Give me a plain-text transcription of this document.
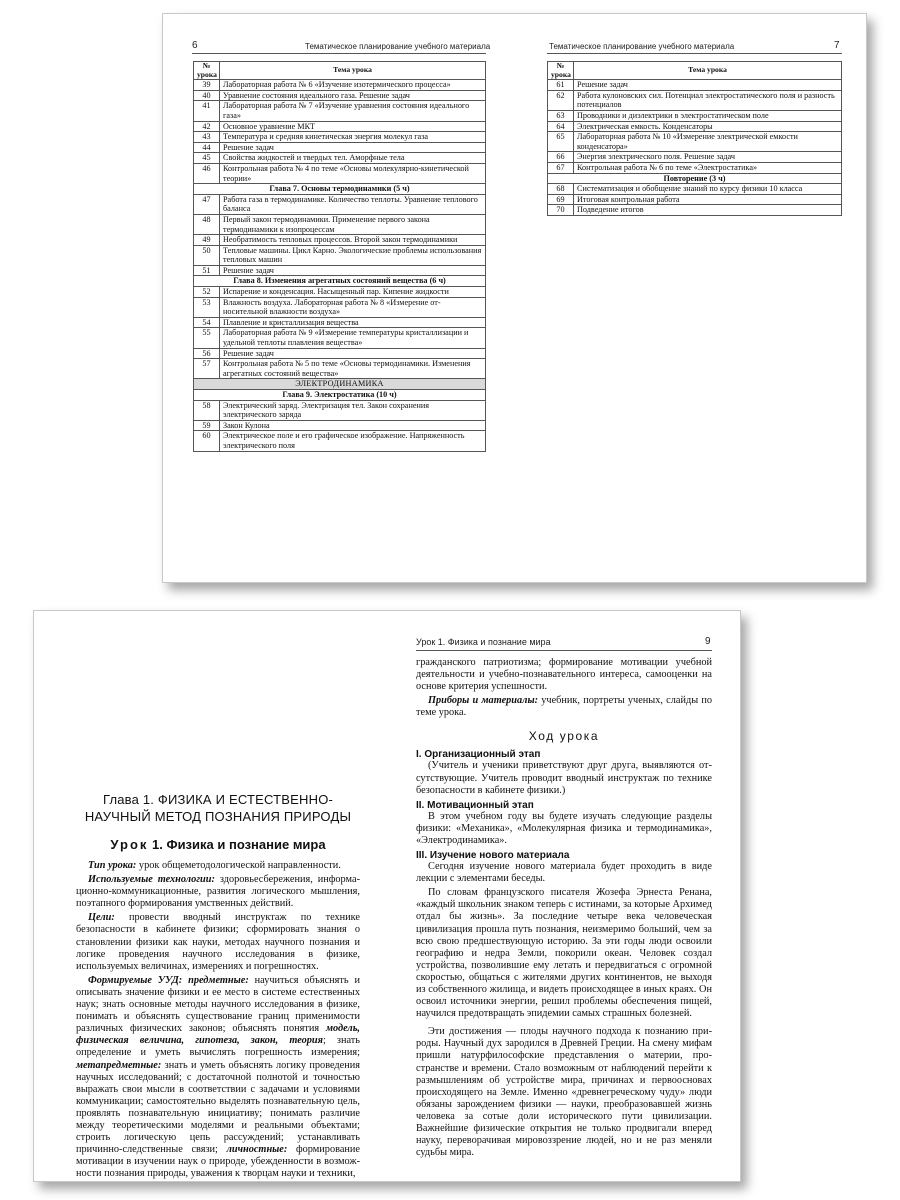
6	Тематическое планирование учебного материала	Тематическое планирование учебного материала	7
№ урока	Тема урока
39	Лабораторная работа № 6 «Изучение изотермического процесса»
40	Уравнение состояния идеального газа. Решение задач
41	Лабораторная работа № 7 «Изучение уравнения состояния идеального газа»
42	Основное уравнение МКТ
43	Температура и средняя кинетическая энергия молекул газа
44	Решение задач
45	Свойства жидкостей и твердых тел. Аморфные тела
46	Контрольная работа № 4 по теме «Основы молекулярно-кинетической теории»
Глава 7. Основы термодинамики (5 ч)	
47	Работа газа в термодинамике. Количество теплоты. Уравнение теплового баланса
48	Первый закон термодинамики. Применение первого закона термодинамики к изопроцессам
49	Необратимость тепловых процессов. Второй закон термодинамики
50	Тепловые машины. Цикл Карно. Экологические проблемы использования тепловых машин
51	Решение задач
Глава 8. Изменения агрегатных состояний вещества (6 ч)	
52	Испарение и конденсация. Насыщенный пар. Кипение жидкости
53	Влажность воздуха. Лабораторная работа № 8 «Измерение относительной влажности воздуха»
54	Плавление и кристаллизация вещества
55	Лабораторная работа № 9 «Измерение температуры кристаллизации и удельной теплоты плавления вещества»
56	Решение задач
57	Контрольная работа № 5 по теме «Основы термодинамики. Изменения агрегатных состояний вещества»
ЭЛЕКТРОДИНАМИКА	
Глава 9. Электростатика (10 ч)	
58	Электрический заряд. Электризация тел. Закон сохранения электрического заряда
59	Закон Кулона
60	Электрическое поле и его графическое изображение. Напряженность электрического поля
№ урока	Тема урока
61	Решение задач
62	Работа кулоновских сил. Потенциал электростатического поля и разность потенциалов
63	Проводники и диэлектрики в электростатическом поле
64	Электрическая емкость. Конденсаторы
65	Лабораторная работа № 10 «Измерение электрической емкости конденсатора»
66	Энергия электрического поля. Решение задач
67	Контрольная работа № 6 по теме «Электростатика»
Повторение (3 ч)	
68	Систематизация и обобщение знаний по курсу физики 10 класса
69	Итоговая контрольная работа
70	Подведение итогов
Глава 1. ФИЗИКА И ЕСТЕСТВЕННО-
НАУЧНЫЙ МЕТОД ПОЗНАНИЯ ПРИРОДЫ
Урок 1. Физика и познание мира

Тип урока: урок общеметодологической направленности.

Используемые технологии: здоровьесбережения, информационно-коммуникационные, развития логического мышления, поэтапного формирования умственных действий.

Цели: провести вводный инструктаж по технике безопасности в кабинете физики; сформировать знания о становлении физики как науки, методах научного познания и логике проведения научного исследования в физике, используемых величинах, измерениях и погрешностях.

Формируемые УУД: предметные: научиться объяснять и описывать значение физики и ее место в системе естественных наук; знать основные методы научного исследования в физике, понимать и объяснять существование границ применимости различных физических законов; объяснять понятия модель, физическая величина, гипотеза, закон, теория; знать определение и уметь вычислять погрешность измерения; метапредметные: знать и уметь объяснять логику проведения научных исследований; с достаточной полнотой и точностью выражать свои мысли в соответствии с задачами и условиями коммуникации; самостоятельно выделять познавательную цель, проявлять познавательную инициативу; понимать различие между теоретическими моделями и реальными объектами; строить логическую цепь рассуждений; устанавливать причинно-следственные связи; личностные: формирование мотивации в изучении наук о природе, убежденности в возможности познания природы, уважения к творцам науки и техники,

Урок 1. Физика и познание мира	9

гражданского патриотизма; формирование мотивации учебной деятельности и учебно-познавательного интереса, самооценки на основе критерия успешности.

Приборы и материалы: учебник, портреты ученых, слайды по теме урока.

Ход урока
I. Организационный этап

(Учитель и ученики приветствуют друг друга, выявляются отсутствующие. Учитель проводит вводный инструктаж по технике безопасности в кабинете физики.)

II. Мотивационный этап

В этом учебном году вы будете изучать следующие разделы физики: «Механика», «Молекулярная физика и термодинамика», «Электродинамика».

III. Изучение нового материала

Сегодня изучение нового материала будет проходить в виде лекции с элементами беседы.

По словам французского писателя Жозефа Эрнеста Ренана, «каждый школьник знаком теперь с истинами, за которые Архимед отдал бы жизнь». За последние четыре века человеческая цивилизация прошла путь познания, неизмеримо больший, чем за всю свою предшествующую историю. За эти годы люди освоили географию и недра Земли, покорили океан. Человек создал устройства, позволившие ему летать и передвигаться с огромной скоростью, общаться с жителями других континентов, не выходя из собственного жилища, и видеть происходящее в иных краях. Он освоил источники энергии, решил проблемы обеспечения пищей, научился предотвращать эпидемии самых страшных болезней.

Эти достижения — плоды научного подхода к познанию природы. Научный дух зародился в Древней Греции. На смену мифам пришли натурфилософские представления о материи, пространстве и времени. Стало возможным от наблюдений перейти к размышлениям об устройстве мира, причинах и первоосновах происходящего на Земле. Именно «древнегреческому чуду» люди обязаны зарождением физики — науки, преобразовавшей жизнь человека за сотые доли исторического пути цивилизации. Важнейшие физические открытия не только продвигали вперед науку, переворачивая мировоззрение людей, но и не раз меняли судьбы мира.
